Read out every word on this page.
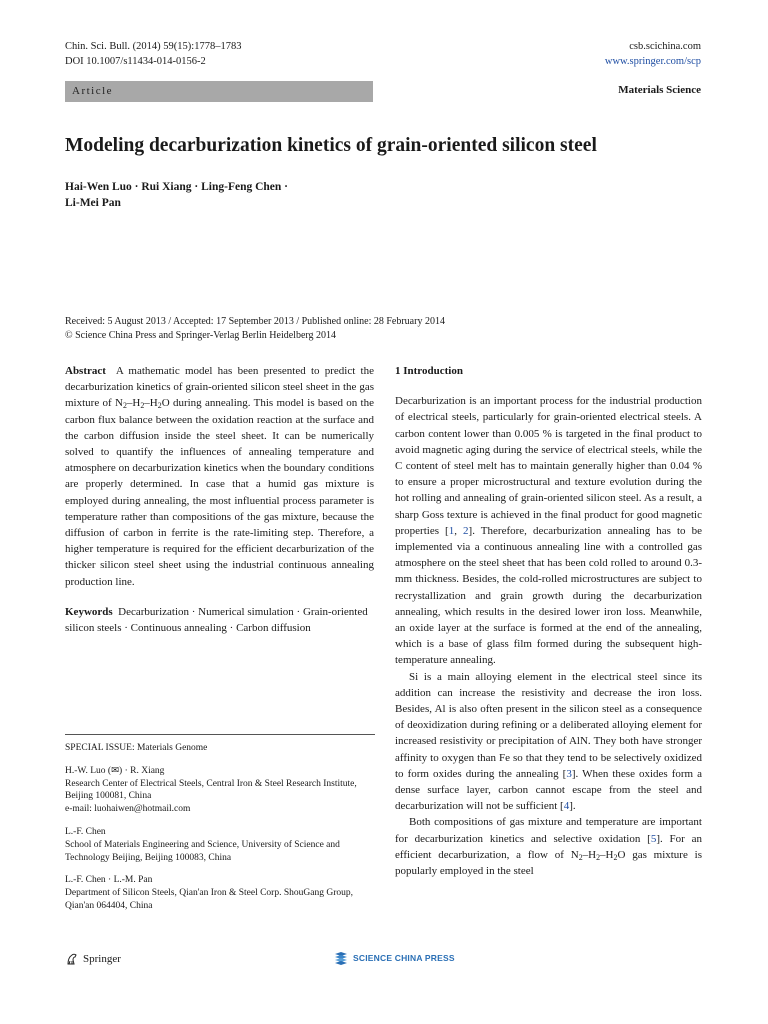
Chin. Sci. Bull. (2014) 59(15):1778–1783
DOI 10.1007/s11434-014-0156-2
csb.scichina.com
www.springer.com/scp
Article	Materials Science
Modeling decarburization kinetics of grain-oriented silicon steel
Hai-Wen Luo · Rui Xiang · Ling-Feng Chen ·
Li-Mei Pan
Received: 5 August 2013 / Accepted: 17 September 2013 / Published online: 28 February 2014
© Science China Press and Springer-Verlag Berlin Heidelberg 2014

Abstract A mathematic model has been presented to predict the decarburization kinetics of grain-oriented silicon steel sheet in the gas mixture of $N_2-H_2-H_2O$ during annealing. This model is based on the carbon flux balance between the oxidation reaction at the surface and the carbon diffusion inside the steel sheet. It can be numerically solved to quantify the influences of annealing temperature and atmosphere on decarburization kinetics when the boundary conditions are properly determined. In case that a humid gas mixture is employed during annealing, the most influential process parameter is temperature rather than compositions of the gas mixture, because the diffusion of carbon in ferrite is the rate-limiting step. Therefore, a higher temperature is required for the efficient decarburization of the thicker silicon steel sheet using the industrial continuous annealing production line.

Keywords Decarburization · Numerical simulation · Grain-oriented silicon steels · Continuous annealing · Carbon diffusion

SPECIAL ISSUE: Materials Genome

H.-W. Luo (✉) · R. Xiang
Research Center of Electrical Steels, Central Iron & Steel Research Institute, Beijing 100081, China
e-mail: luohaiwen@hotmail.com

L.-F. Chen
School of Materials Engineering and Science, University of Science and Technology Beijing, Beijing 100083, China

L.-F. Chen · L.-M. Pan
Department of Silicon Steels, Qian'an Iron & Steel Corp. ShouGang Group, Qian'an 064404, China

1 Introduction

Decarburization is an important process for the industrial production of electrical steels, particularly for grain-oriented electrical steels. A carbon content lower than 0.005 % is targeted in the final product to avoid magnetic aging during the service of electrical steels, while the C content of steel melt has to maintain generally higher than 0.04 % to ensure a proper microstructural and texture evolution during the hot rolling and annealing of grain-oriented silicon steel. As a result, a sharp Goss texture is achieved in the final product for good magnetic properties [1, 2]. Therefore, decarburization annealing has to be implemented via a continuous annealing line with a controlled gas atmosphere on the steel sheet that has been cold rolled to around 0.3-mm thickness. Besides, the cold-rolled microstructures are subject to recrystallization and grain growth during the decarburization annealing, which results in the desired lower iron loss. Meanwhile, an oxide layer at the surface is formed at the end of the annealing, which is a base of glass film formed during the subsequent high-temperature annealing.

Si is a main alloying element in the electrical steel since its addition can increase the resistivity and decrease the iron loss. Besides, Al is also often present in the silicon steel as a consequence of deoxidization during refining or a deliberated alloying element for increased resistivity or precipitation of AlN. They both have stronger affinity to oxygen than Fe so that they tend to be selectively oxidized to form oxides during the annealing [3]. When these oxides form a dense surface layer, carbon cannot escape from the steel and decarburization will not be sufficient [4].

Both compositions of gas mixture and temperature are important for decarburization kinetics and selective oxidation [5]. For an efficient decarburization, a flow of $N_2-H_2-H_2O$ gas mixture is popularly employed in the steel

Springer	SCIENCE CHINA PRESS
